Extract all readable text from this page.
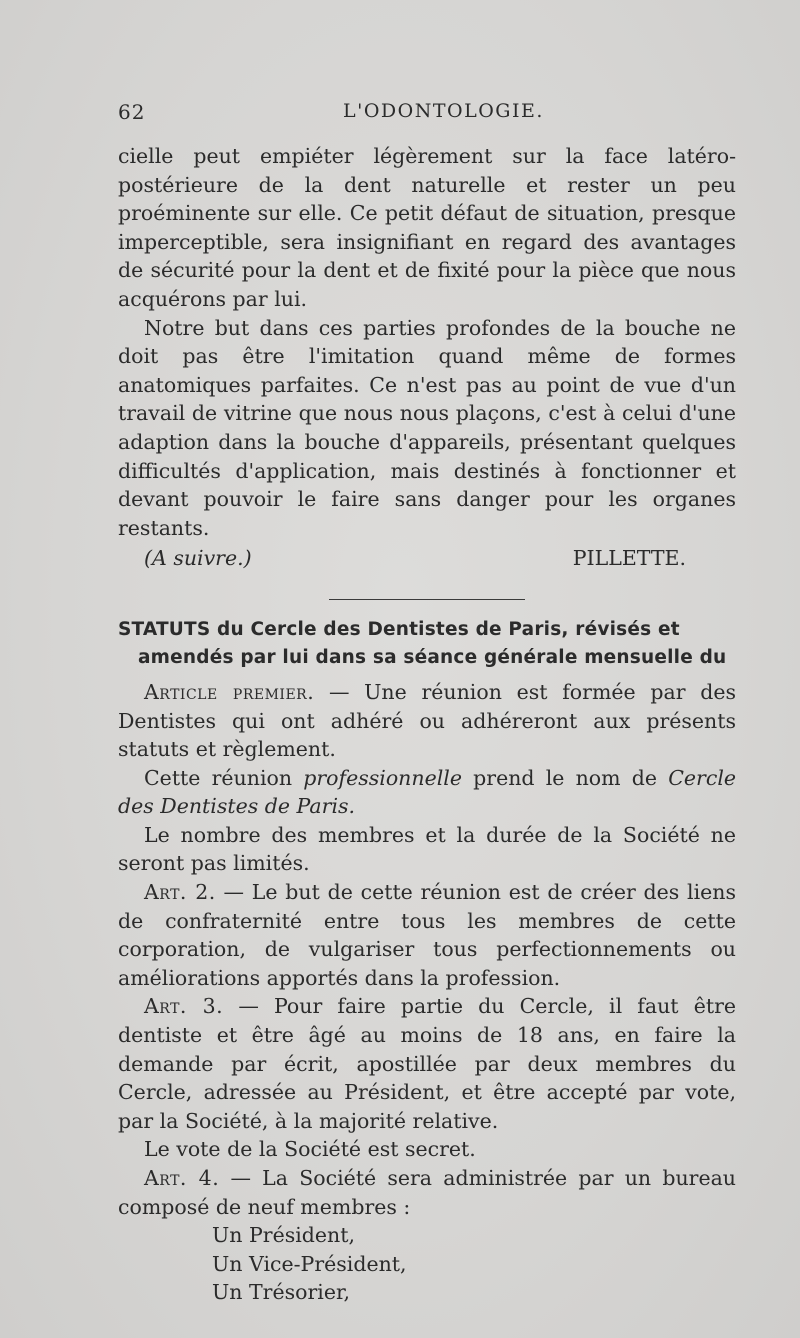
62	L'ODONTOLOGIE.

cielle peut empiéter légèrement sur la face latéro-postérieure de la dent naturelle et rester un peu proéminente sur elle. Ce petit défaut de situation, presque imperceptible, sera insignifiant en regard des avantages de sécurité pour la dent et de fixité pour la pièce que nous acquérons par lui.

Notre but dans ces parties profondes de la bouche ne doit pas être l'imitation quand même de formes anatomiques parfaites. Ce n'est pas au point de vue d'un travail de vitrine que nous nous plaçons, c'est à celui d'une adaption dans la bouche d'appareils, présentant quelques difficultés d'application, mais destinés à fonctionner et devant pouvoir le faire sans danger pour les organes restants.

(A suivre.)	PILLETTE.

STATUTS du Cercle des Dentistes de Paris, révisés et amendés par lui dans sa séance générale mensuelle du

Article premier. — Une réunion est formée par des Dentistes qui ont adhéré ou adhéreront aux présents statuts et règlement.

Cette réunion professionnelle prend le nom de Cercle des Dentistes de Paris.

Le nombre des membres et la durée de la Société ne seront pas limités.

Art. 2. — Le but de cette réunion est de créer des liens de confraternité entre tous les membres de cette corporation, de vulgariser tous perfectionnements ou améliorations apportés dans la profession.

Art. 3. — Pour faire partie du Cercle, il faut être dentiste et être âgé au moins de 18 ans, en faire la demande par écrit, apostillée par deux membres du Cercle, adressée au Président, et être accepté par vote, par la Société, à la majorité relative.

Le vote de la Société est secret.

Art. 4. — La Société sera administrée par un bureau composé de neuf membres :

Un Président,
Un Vice-Président,
Un Trésorier,
